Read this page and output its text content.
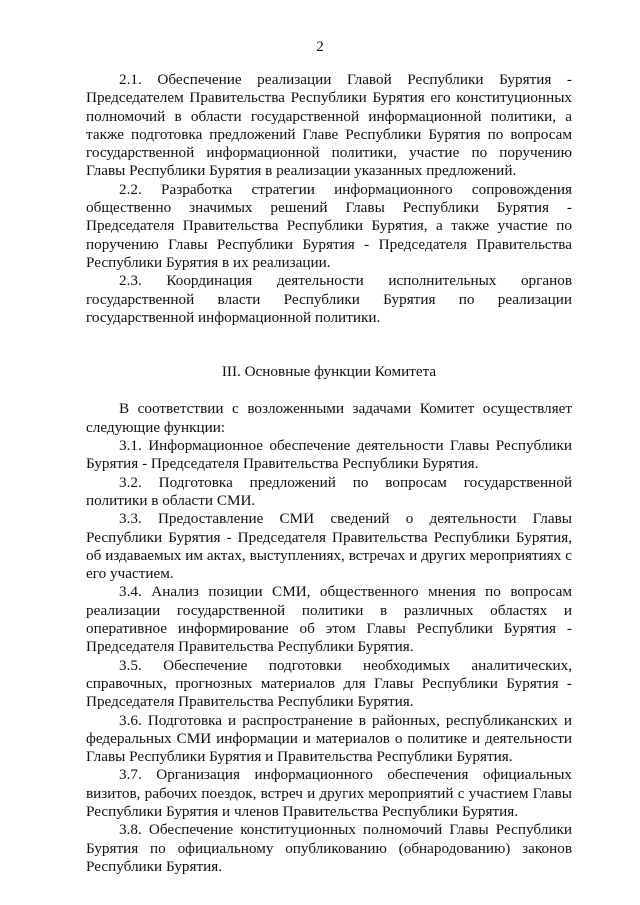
2

2.1. Обеспечение реализации Главой Республики Бурятия - Председателем Правительства Республики Бурятия его конституционных полномочий в области государственной информационной политики, а также подготовка предложений Главе Республики Бурятия по вопросам государственной информационной политики, участие по поручению Главы Республики Бурятия в реализации указанных предложений.

2.2. Разработка стратегии информационного сопровождения общественно значимых решений Главы Республики Бурятия - Председателя Правительства Республики Бурятия, а также участие по поручению Главы Республики Бурятия - Председателя Правительства Республики Бурятия в их реализации.

2.3. Координация деятельности исполнительных органов государственной власти Республики Бурятия по реализации государственной информационной политики.

III. Основные функции Комитета

В соответствии с возложенными задачами Комитет осуществляет следующие функции:

3.1. Информационное обеспечение деятельности Главы Республики Бурятия - Председателя Правительства Республики Бурятия.

3.2. Подготовка предложений по вопросам государственной политики в области СМИ.

3.3. Предоставление СМИ сведений о деятельности Главы Республики Бурятия - Председателя Правительства Республики Бурятия, об издаваемых им актах, выступлениях, встречах и других мероприятиях с его участием.

3.4. Анализ позиции СМИ, общественного мнения по вопросам реализации государственной политики в различных областях и оперативное информирование об этом Главы Республики Бурятия - Председателя Правительства Республики Бурятия.

3.5. Обеспечение подготовки необходимых аналитических, справочных, прогнозных материалов для Главы Республики Бурятия - Председателя Правительства Республики Бурятия.

3.6. Подготовка и распространение в районных, республиканских и федеральных СМИ информации и материалов о политике и деятельности Главы Республики Бурятия и Правительства Республики Бурятия.

3.7. Организация информационного обеспечения официальных визитов, рабочих поездок, встреч и других мероприятий с участием Главы Республики Бурятия и членов Правительства Республики Бурятия.

3.8. Обеспечение конституционных полномочий Главы Республики Бурятия по официальному опубликованию (обнародованию) законов Республики Бурятия.
